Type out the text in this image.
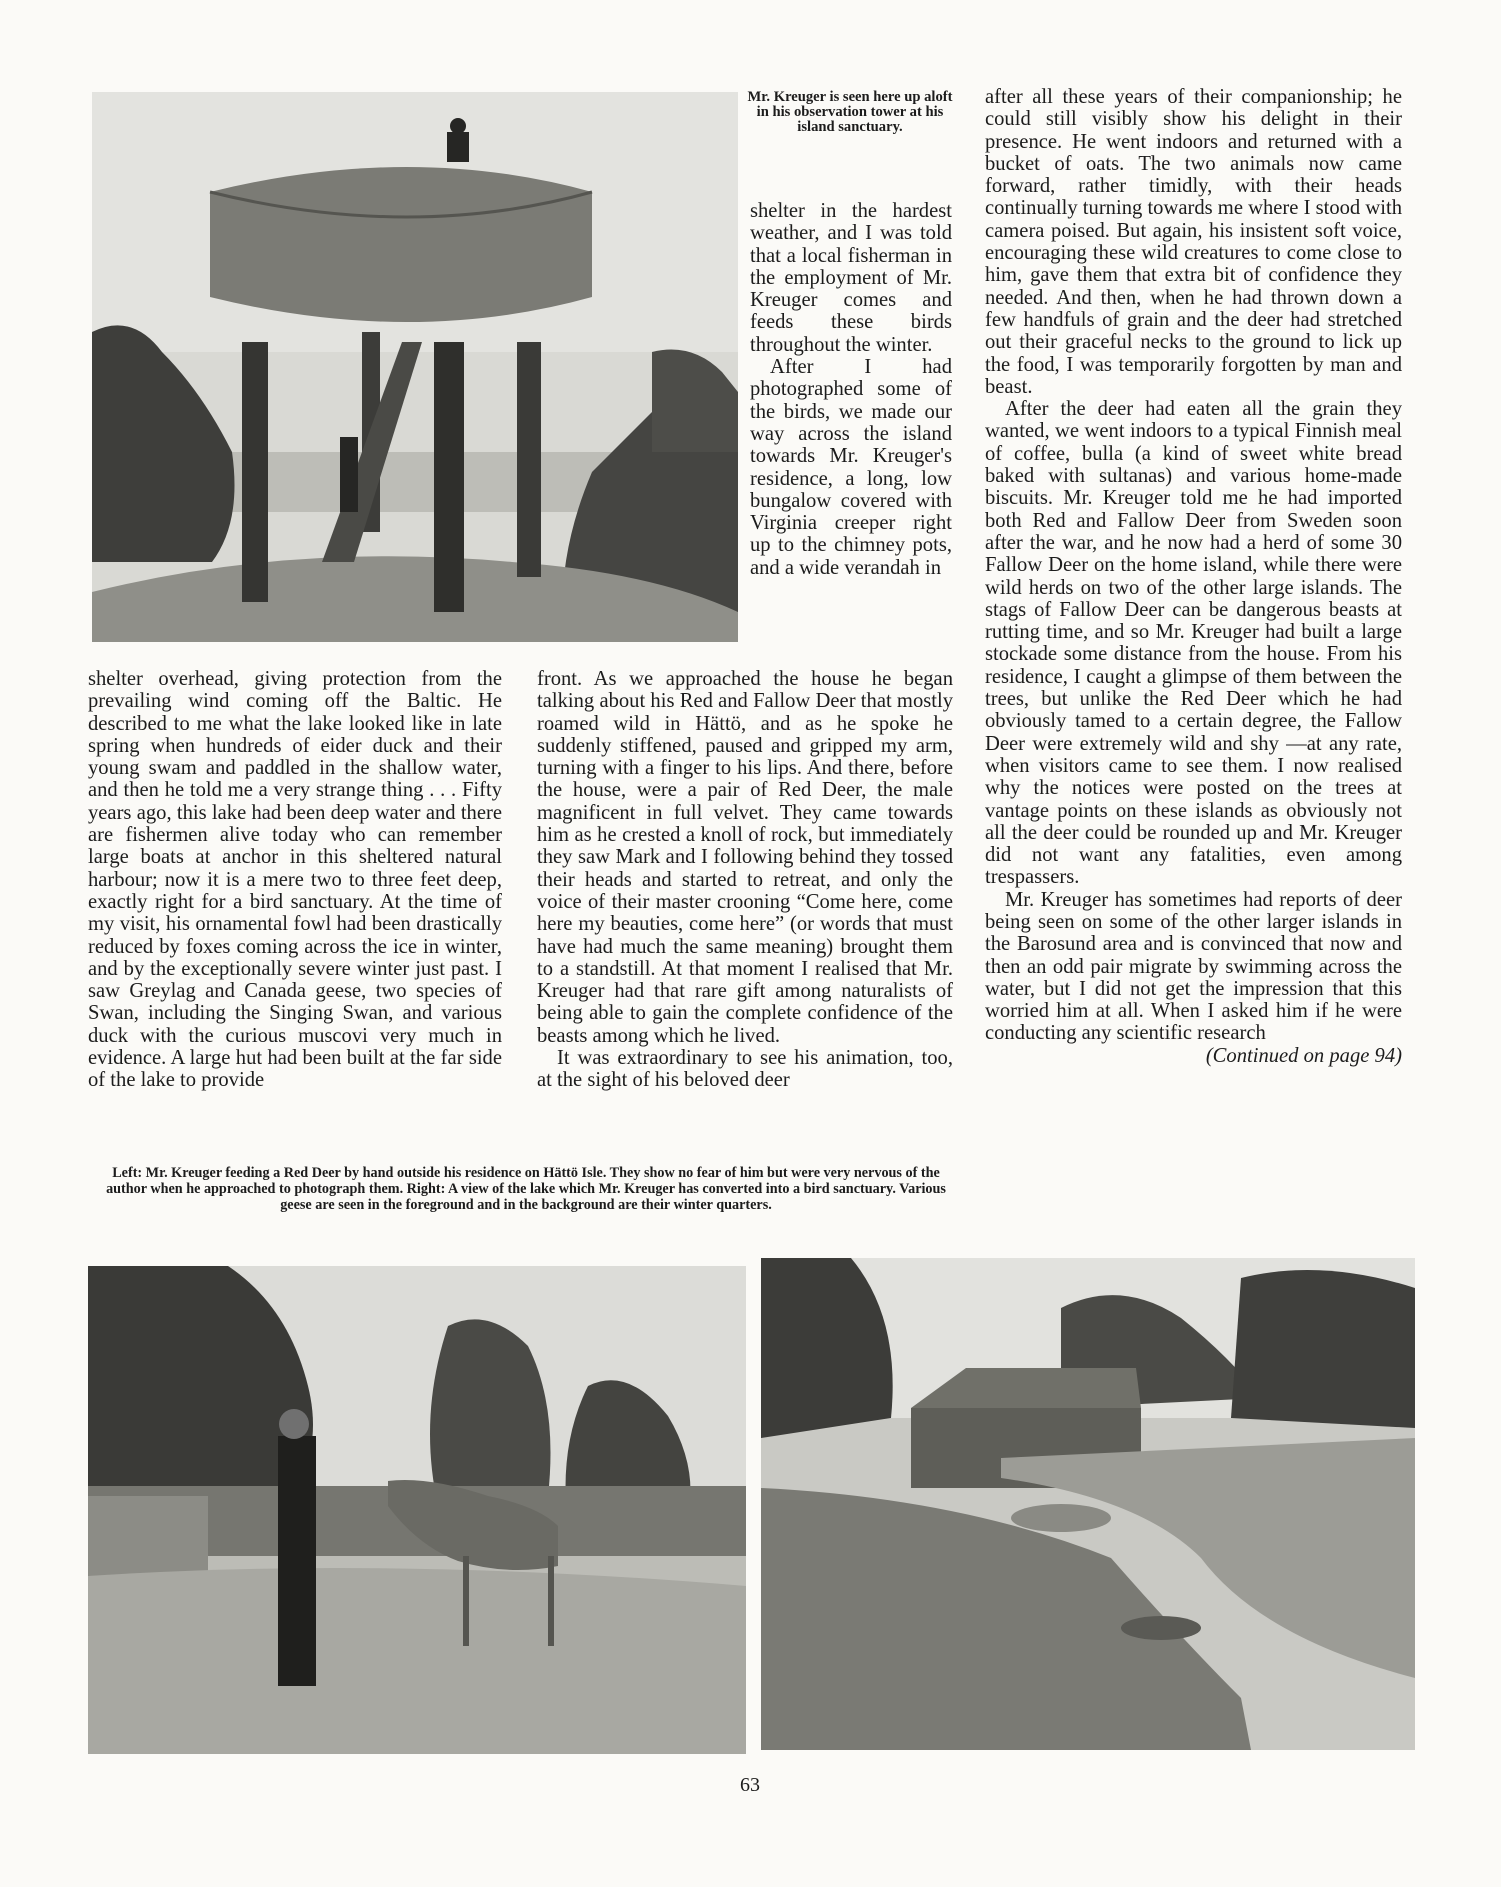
Mr. Kreuger is seen here up aloft in his observation tower at his island sanctuary.

shelter in the hardest weather, and I was told that a local fisherman in the employment of Mr. Kreuger comes and feeds these birds throughout the winter.

After I had photographed some of the birds, we made our way across the island towards Mr. Kreuger's residence, a long, low bungalow covered with Virginia creeper right up to the chimney pots, and a wide verandah in

shelter overhead, giving protection from the prevailing wind coming off the Baltic. He described to me what the lake looked like in late spring when hundreds of eider duck and their young swam and paddled in the shallow water, and then he told me a very strange thing . . . Fifty years ago, this lake had been deep water and there are fishermen alive today who can remember large boats at anchor in this sheltered natural harbour; now it is a mere two to three feet deep, exactly right for a bird sanctuary. At the time of my visit, his ornamental fowl had been drastically reduced by foxes coming across the ice in winter, and by the exceptionally severe winter just past. I saw Greylag and Canada geese, two species of Swan, including the Singing Swan, and various duck with the curious muscovi very much in evidence. A large hut had been built at the far side of the lake to provide

front. As we approached the house he began talking about his Red and Fallow Deer that mostly roamed wild in Hättö, and as he spoke he suddenly stiffened, paused and gripped my arm, turning with a finger to his lips. And there, before the house, were a pair of Red Deer, the male magnificent in full velvet. They came towards him as he crested a knoll of rock, but immediately they saw Mark and I following behind they tossed their heads and started to retreat, and only the voice of their master crooning “Come here, come here my beauties, come here” (or words that must have had much the same meaning) brought them to a standstill. At that moment I realised that Mr. Kreuger had that rare gift among naturalists of being able to gain the complete confidence of the beasts among which he lived.

It was extraordinary to see his animation, too, at the sight of his beloved deer

after all these years of their companionship; he could still visibly show his delight in their presence. He went indoors and returned with a bucket of oats. The two animals now came forward, rather timidly, with their heads continually turning towards me where I stood with camera poised. But again, his insistent soft voice, encouraging these wild creatures to come close to him, gave them that extra bit of confidence they needed. And then, when he had thrown down a few handfuls of grain and the deer had stretched out their graceful necks to the ground to lick up the food, I was temporarily forgotten by man and beast.

After the deer had eaten all the grain they wanted, we went indoors to a typical Finnish meal of coffee, bulla (a kind of sweet white bread baked with sultanas) and various home-made biscuits. Mr. Kreuger told me he had imported both Red and Fallow Deer from Sweden soon after the war, and he now had a herd of some 30 Fallow Deer on the home island, while there were wild herds on two of the other large islands. The stags of Fallow Deer can be dangerous beasts at rutting time, and so Mr. Kreuger had built a large stockade some distance from the house. From his residence, I caught a glimpse of them between the trees, but unlike the Red Deer which he had obviously tamed to a certain degree, the Fallow Deer were extremely wild and shy —at any rate, when visitors came to see them. I now realised why the notices were posted on the trees at vantage points on these islands as obviously not all the deer could be rounded up and Mr. Kreuger did not want any fatalities, even among trespassers.

Mr. Kreuger has sometimes had reports of deer being seen on some of the other larger islands in the Barosund area and is convinced that now and then an odd pair migrate by swimming across the water, but I did not get the impression that this worried him at all. When I asked him if he were conducting any scientific research

(Continued on page 94)

Left: Mr. Kreuger feeding a Red Deer by hand outside his residence on Hättö Isle. They show no fear of him but were very nervous of the author when he approached to photograph them. Right: A view of the lake which Mr. Kreuger has converted into a bird sanctuary. Various geese are seen in the foreground and in the background are their winter quarters.
63
